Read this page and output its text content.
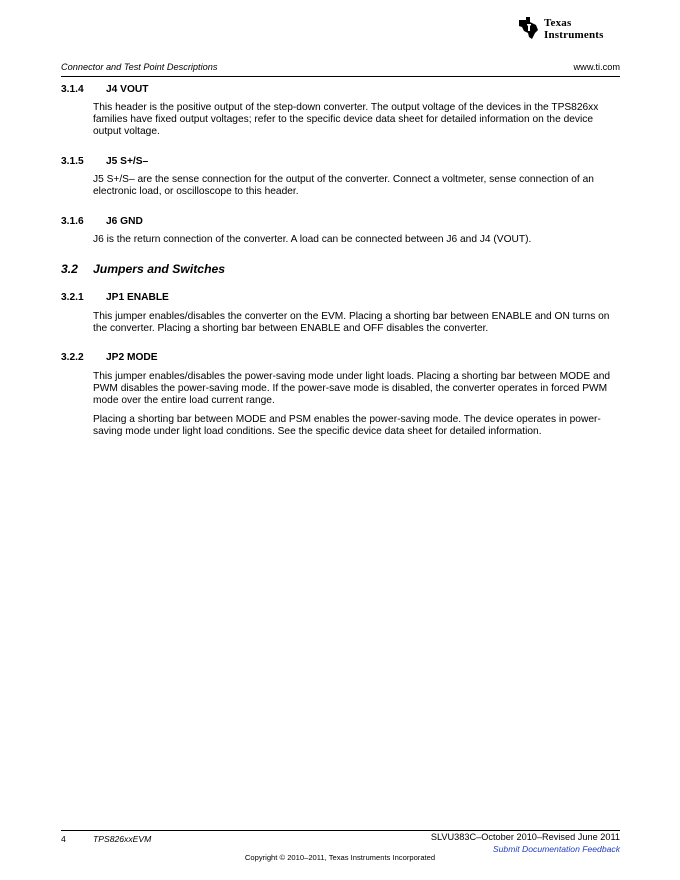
Texas
Instruments
Connector and Test Point Descriptions	www.ti.com
3.1.4 J4 VOUT
This header is the positive output of the step-down converter. The output voltage of the devices in the TPS826xx families have fixed output voltages; refer to the specific device data sheet for detailed information on the device output voltage.
3.1.5 J5 S+/S–
J5 S+/S– are the sense connection for the output of the converter. Connect a voltmeter, sense connection of an electronic load, or oscilloscope to this header.
3.1.6 J6 GND
J6 is the return connection of the converter. A load can be connected between J6 and J4 (VOUT).
3.2 Jumpers and Switches
3.2.1 JP1 ENABLE
This jumper enables/disables the converter on the EVM. Placing a shorting bar between ENABLE and ON turns on the converter. Placing a shorting bar between ENABLE and OFF disables the converter.
3.2.2 JP2 MODE
This jumper enables/disables the power-saving mode under light loads. Placing a shorting bar between MODE and PWM disables the power-saving mode. If the power-save mode is disabled, the converter operates in forced PWM mode over the entire load current range.
Placing a shorting bar between MODE and PSM enables the power-saving mode. The device operates in power-saving mode under light load conditions. See the specific device data sheet for detailed information.
4	TPS826xxEVM	SLVU383C–October 2010–Revised June 2011
Submit Documentation Feedback
Copyright © 2010–2011, Texas Instruments Incorporated
